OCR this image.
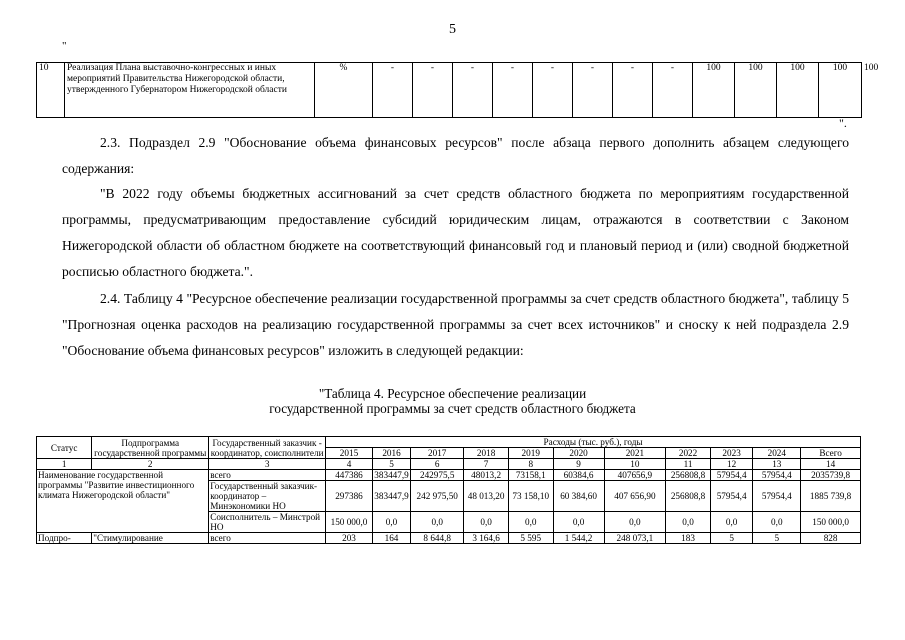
5
"
10	Реализация Плана выставочно-конгрессных и иных мероприятий Правительства Нижегородской области, утвержденного Губернатором Нижегородской области	%	-	-	-	-	-	-	-	-	100	100	100	100	100
".

2.3. Подраздел 2.9 "Обоснование объема финансовых ресурсов" после абзаца первого дополнить абзацем следующего содержания:

"В 2022 году объемы бюджетных ассигнований за счет средств областного бюджета по мероприятиям государственной программы, предусматривающим предоставление субсидий юридическим лицам, отражаются в соответствии с Законом Нижегородской области об областном бюджете на соответствующий финансовый год и плановый период и (или) сводной бюджетной росписью областного бюджета.".

2.4. Таблицу 4 "Ресурсное обеспечение реализации государственной программы за счет средств областного бюджета", таблицу 5 "Прогнозная оценка расходов на реализацию государственной программы за счет всех источников" и сноску к ней подраздела 2.9 "Обоснование объема финансовых ресурсов" изложить в следующей редакции:

"Таблица 4. Ресурсное обеспечение реализации
государственной программы за счет средств областного бюджета
Статус	Подпрограмма государственной программы	Государственный заказчик - координатор, соисполнители	Расходы (тыс. руб.), годы										
			2015	2016	2017	2018	2019	2020	2021	2022	2023	2024	Всего
1	2	3	4	5	6	7	8	9	10	11	12	13	14
Наименование государственной программы "Развитие инвестиционного климата Нижегородской области"		всего	447386	383447,9	242975,5	48013,2	73158,1	60384,6	407656,9	256808,8	57954,4	57954,4	2035739,8
		Государственный заказчик-координатор – Минэкономики НО	297386	383447,9	242 975,50	48 013,20	73 158,10	60 384,60	407 656,90	256808,8	57954,4	57954,4	1885 739,8
		Соисполнитель – Минстрой НО	150 000,0	0,0	0,0	0,0	0,0	0,0	0,0	0,0	0,0	0,0	150 000,0
Подпро-	"Стимулирование	всего	203	164	8 644,8	3 164,6	5 595	1 544,2	248 073,1	183	5	5	828
